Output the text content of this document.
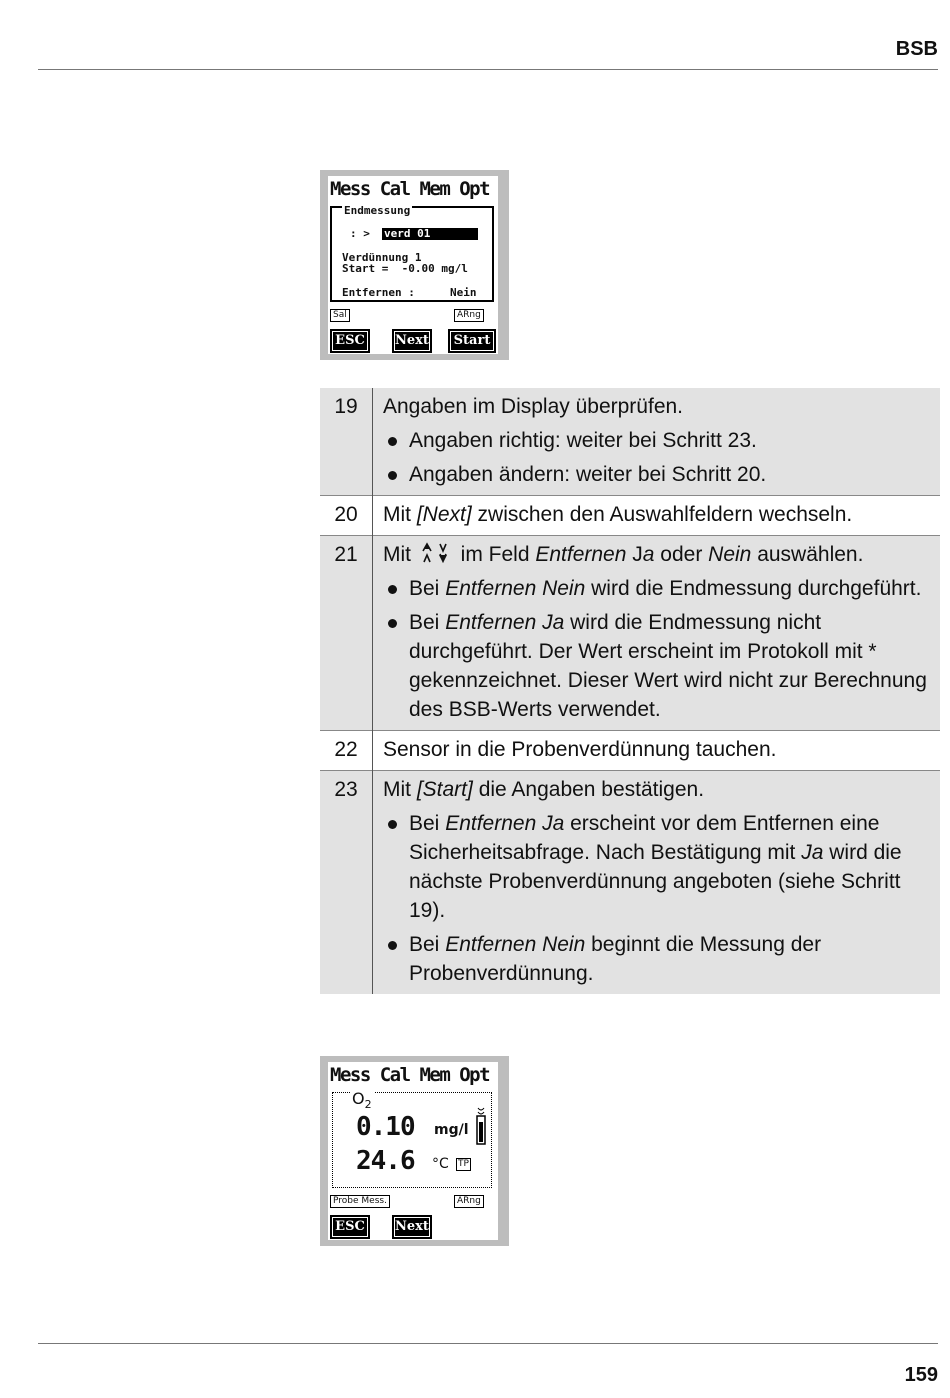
BSB
Mess Cal Mem Opt
Endmessung
: > verd 01
Verdünnung 1
Start =  -0.00 mg/l
Entfernen :	Nein
Sal	ARng
ESC	Next	Start
19	Angaben im Display überprüfen.
Angaben richtig: weiter bei Schritt 23.
Angaben ändern: weiter bei Schritt 20.

20	Mit [Next] zwischen den Auswahlfeldern wechseln.
21	Mit  im Feld Entfernen Ja oder Nein auswählen.
Bei Entfernen Nein wird die Endmessung durchgeführt.
Bei Entfernen Ja wird die Endmessung nicht durchgeführt. Der Wert erscheint im Protokoll mit * gekennzeichnet. Dieser Wert wird nicht zur Berechnung des BSB-Werts verwendet.

22	Sensor in die Probenverdünnung tauchen.
23	Mit [Start] die Angaben bestätigen.
Bei Entfernen Ja erscheint vor dem Entfernen eine Sicherheitsabfrage. Nach Bestätigung mit Ja wird die nächste Probenverdünnung angeboten (siehe Schritt 19).
Bei Entfernen Nein beginnt die Messung der Probenverdünnung.
Mess Cal Mem Opt
$O_2$
0.10 mg/l
24.6 °C TP
Probe Mess.	ARng
ESC	Next
159
